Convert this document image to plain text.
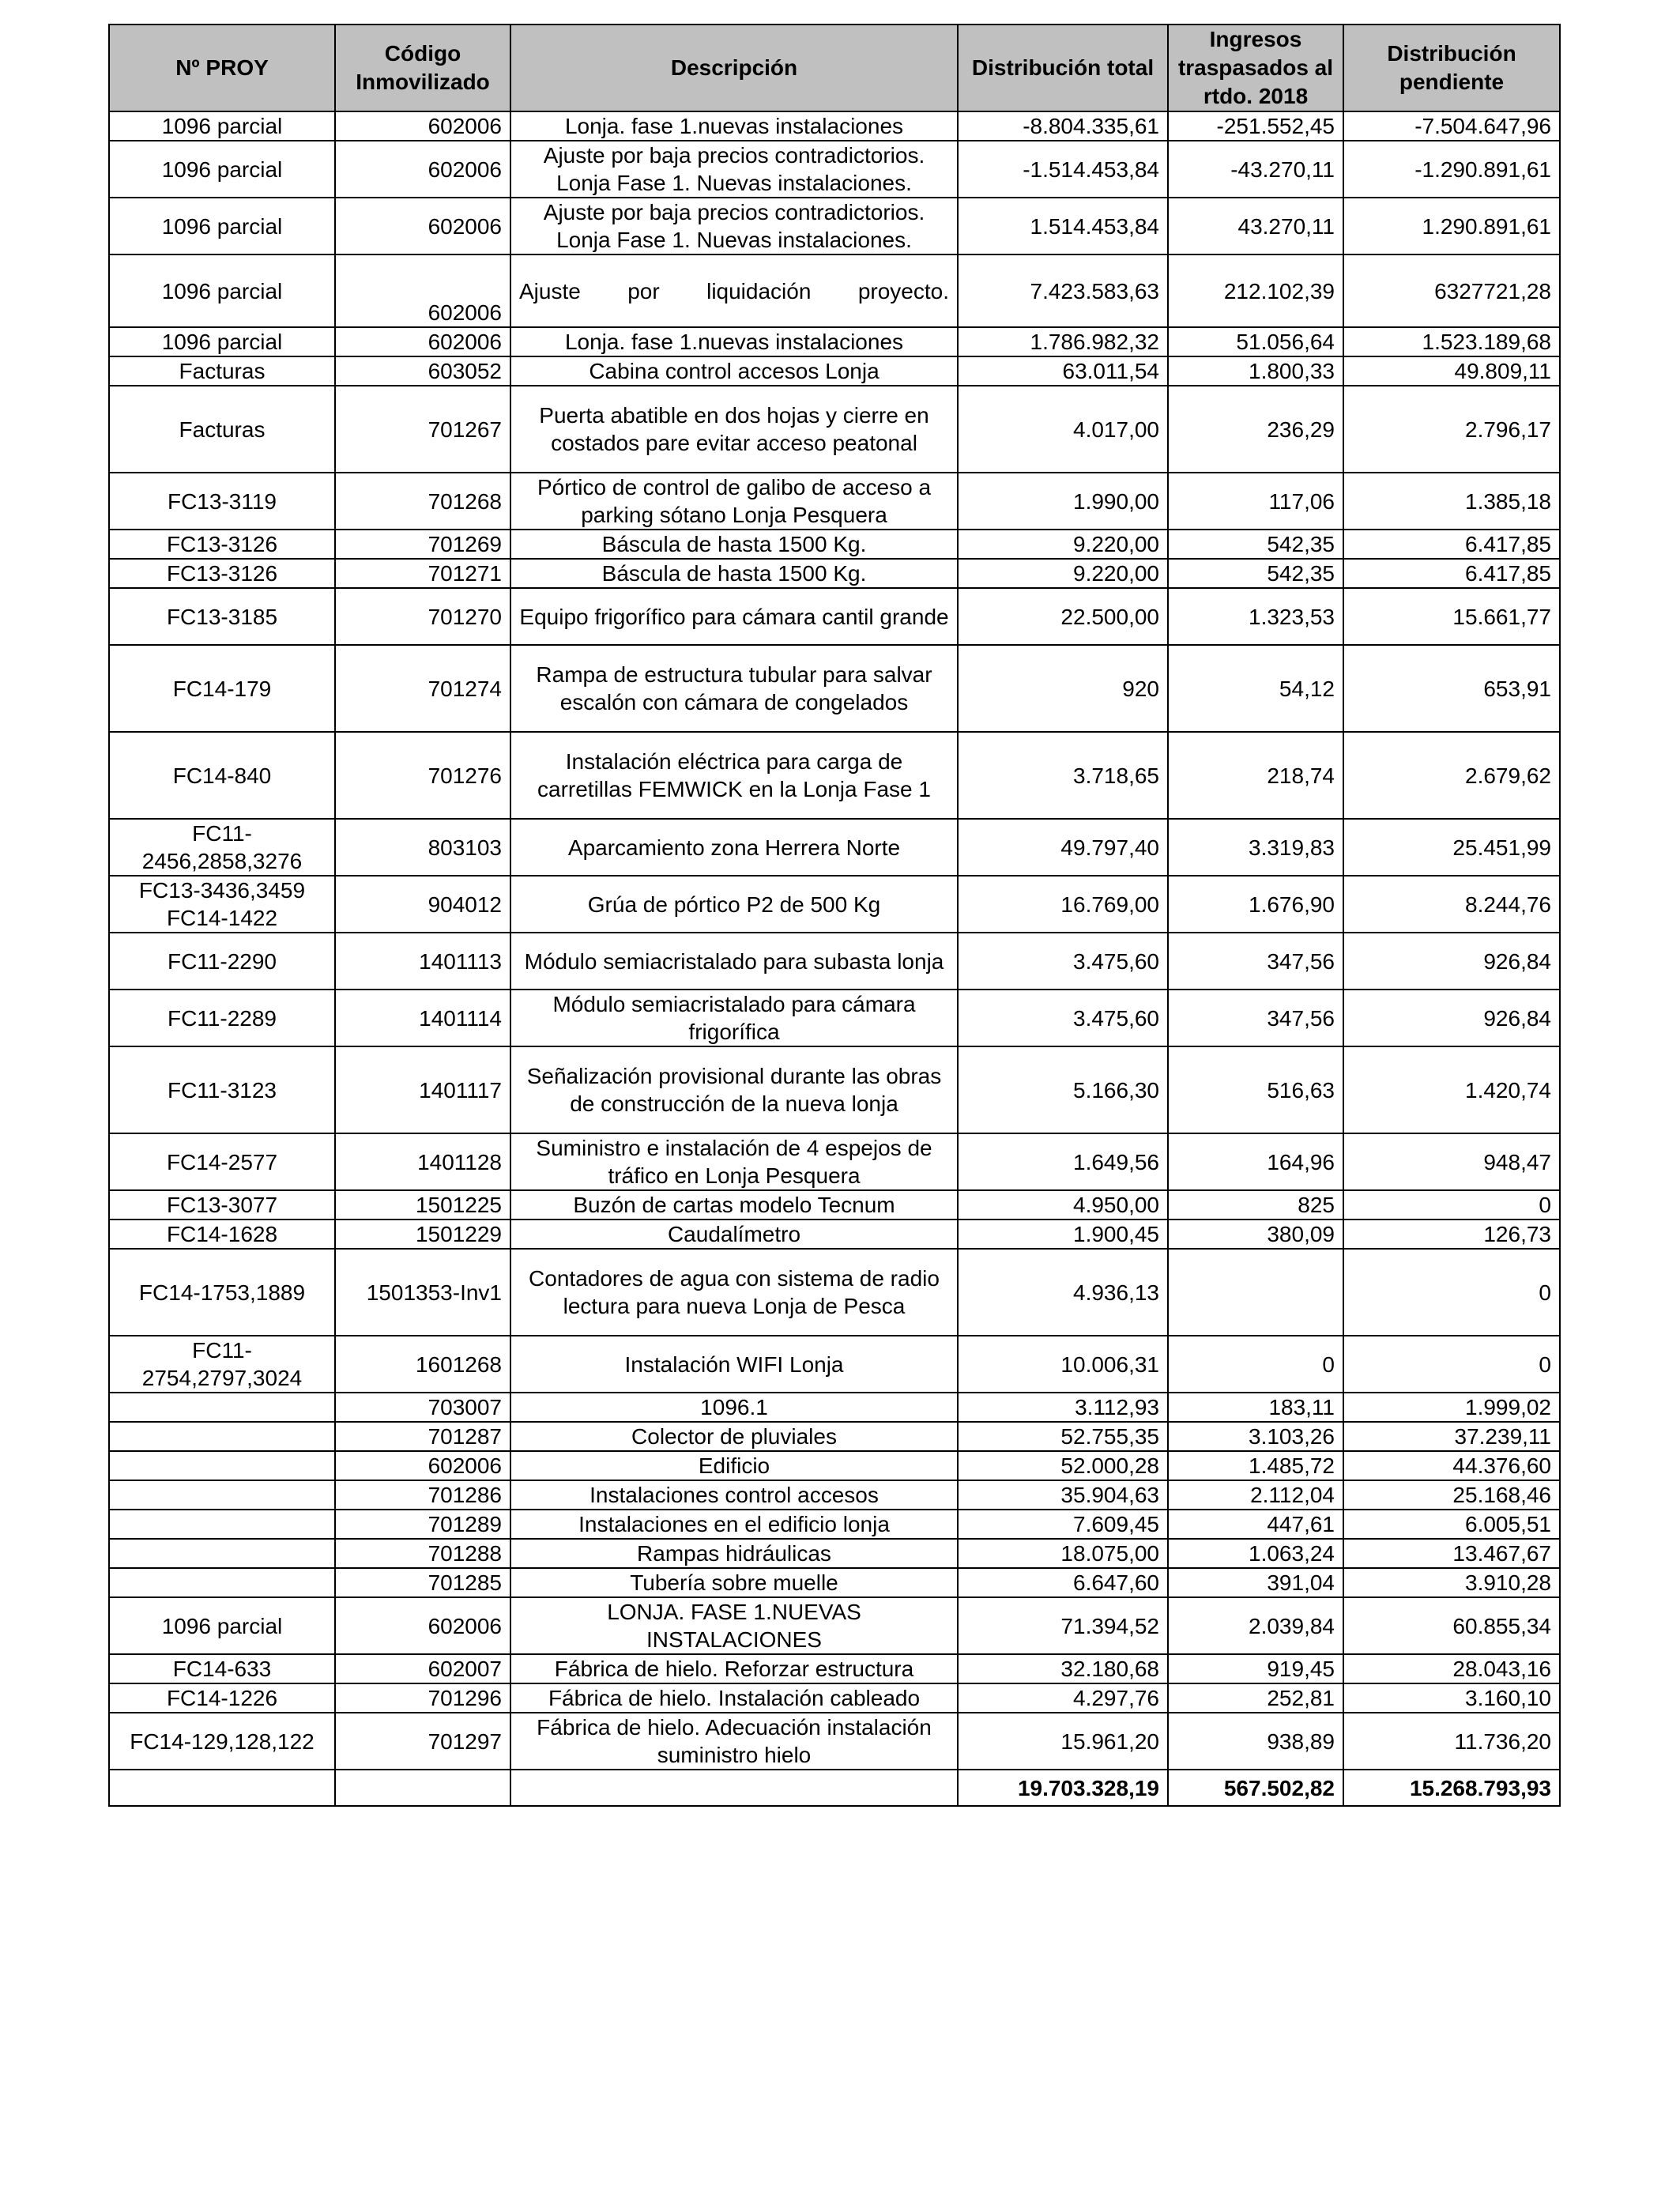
Nº PROY	Código Inmovilizado	Descripción	Distribución total	Ingresos traspasados al rtdo. 2018	Distribución pendiente
1096 parcial	602006	Lonja. fase 1.nuevas instalaciones	-8.804.335,61	-251.552,45	-7.504.647,96
1096 parcial	602006	Ajuste por baja precios contradictorios. Lonja Fase 1. Nuevas instalaciones.	-1.514.453,84	-43.270,11	-1.290.891,61
1096 parcial	602006	Ajuste por baja precios contradictorios. Lonja Fase 1. Nuevas instalaciones.	1.514.453,84	43.270,11	1.290.891,61
1096 parcial	602006	Ajuste por liquidación proyecto.	7.423.583,63	212.102,39	6327721,28
1096 parcial	602006	Lonja. fase 1.nuevas instalaciones	1.786.982,32	51.056,64	1.523.189,68
Facturas	603052	Cabina control accesos Lonja	63.011,54	1.800,33	49.809,11
Facturas	701267	Puerta abatible en dos hojas y cierre en costados pare evitar acceso peatonal	4.017,00	236,29	2.796,17
FC13-3119	701268	Pórtico de control de galibo de acceso a parking sótano Lonja Pesquera	1.990,00	117,06	1.385,18
FC13-3126	701269	Báscula de hasta 1500 Kg.	9.220,00	542,35	6.417,85
FC13-3126	701271	Báscula de hasta 1500 Kg.	9.220,00	542,35	6.417,85
FC13-3185	701270	Equipo frigorífico para cámara cantil grande	22.500,00	1.323,53	15.661,77
FC14-179	701274	Rampa de estructura tubular para salvar escalón con cámara de congelados	920	54,12	653,91
FC14-840	701276	Instalación eléctrica para carga de carretillas FEMWICK en la Lonja Fase 1	3.718,65	218,74	2.679,62
FC11-2456,2858,3276	803103	Aparcamiento zona Herrera Norte	49.797,40	3.319,83	25.451,99
FC13-3436,3459 FC14-1422	904012	Grúa de pórtico P2 de 500 Kg	16.769,00	1.676,90	8.244,76
FC11-2290	1401113	Módulo semiacristalado para subasta lonja	3.475,60	347,56	926,84
FC11-2289	1401114	Módulo semiacristalado para cámara frigorífica	3.475,60	347,56	926,84
FC11-3123	1401117	Señalización provisional durante las obras de construcción de la nueva lonja	5.166,30	516,63	1.420,74
FC14-2577	1401128	Suministro e instalación de 4 espejos de tráfico en Lonja Pesquera	1.649,56	164,96	948,47
FC13-3077	1501225	Buzón de cartas modelo Tecnum	4.950,00	825	0
FC14-1628	1501229	Caudalímetro	1.900,45	380,09	126,73
FC14-1753,1889	1501353-Inv1	Contadores de agua con sistema de radio lectura para nueva Lonja de Pesca	4.936,13		0
FC11-2754,2797,3024	1601268	Instalación WIFI Lonja	10.006,31	0	0
	703007	1096.1	3.112,93	183,11	1.999,02
	701287	Colector de pluviales	52.755,35	3.103,26	37.239,11
	602006	Edificio	52.000,28	1.485,72	44.376,60
	701286	Instalaciones control accesos	35.904,63	2.112,04	25.168,46
	701289	Instalaciones en el edificio lonja	7.609,45	447,61	6.005,51
	701288	Rampas hidráulicas	18.075,00	1.063,24	13.467,67
	701285	Tubería sobre muelle	6.647,60	391,04	3.910,28
1096 parcial	602006	LONJA. FASE 1.NUEVAS INSTALACIONES	71.394,52	2.039,84	60.855,34
FC14-633	602007	Fábrica de hielo. Reforzar estructura	32.180,68	919,45	28.043,16
FC14-1226	701296	Fábrica de hielo. Instalación cableado	4.297,76	252,81	3.160,10
FC14-129,128,122	701297	Fábrica de hielo. Adecuación instalación suministro hielo	15.961,20	938,89	11.736,20
			19.703.328,19	567.502,82	15.268.793,93
